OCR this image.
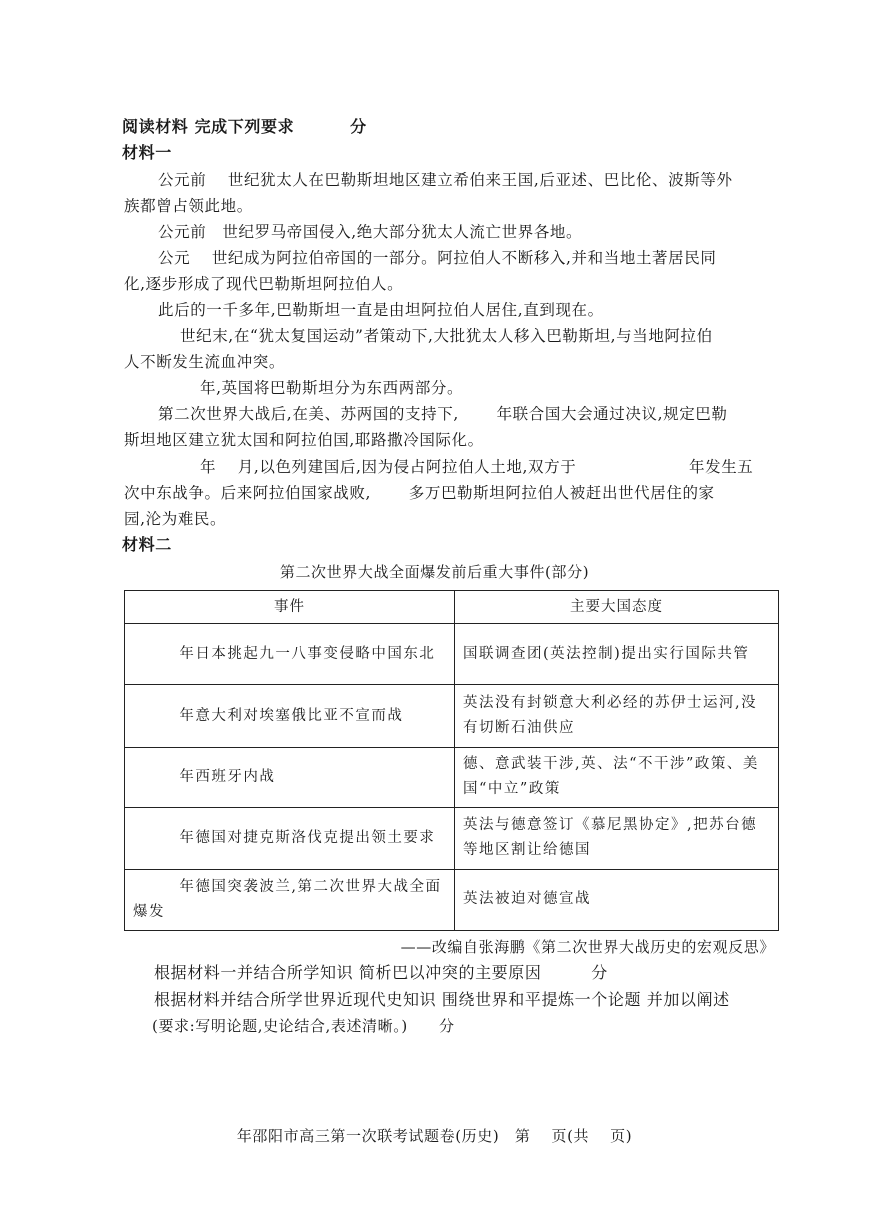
阅读材料 完成下列要求	分
材料一
公元前　 世纪犹太人在巴勒斯坦地区建立希伯来王国,后亚述、巴比伦、波斯等外
族都曾占领此地。
公元前　世纪罗马帝国侵入,绝大部分犹太人流亡世界各地。
公元　 世纪成为阿拉伯帝国的一部分。阿拉伯人不断移入,并和当地土著居民同
化,逐步形成了现代巴勒斯坦阿拉伯人。
此后的一千多年,巴勒斯坦一直是由坦阿拉伯人居住,直到现在。
世纪末,在“犹太复国运动”者策动下,大批犹太人移入巴勒斯坦,与当地阿拉伯
人不断发生流血冲突。
年,英国将巴勒斯坦分为东西两部分。
第二次世界大战后,在美、苏两国的支持下,　　 年联合国大会通过决议,规定巴勒
斯坦地区建立犹太国和阿拉伯国,耶路撒冷国际化。
年　 月,以色列建国后,因为侵占阿拉伯人土地,双方于　　　　　　　年发生五
次中东战争。后来阿拉伯国家战败,　　 多万巴勒斯坦阿拉伯人被赶出世代居住的家
园,沦为难民。
材料二
第二次世界大战全面爆发前后重大事件(部分)
事件	主要大国态度
年日本挑起九一八事变侵略中国东北	国联调查团(英法控制)提出实行国际共管
年意大利对埃塞俄比亚不宣而战	英法没有封锁意大利必经的苏伊士运河,没有切断石油供应
年西班牙内战	德、意武装干涉,英、法“不干涉”政策、美国“中立”政策
年德国对捷克斯洛伐克提出领土要求	英法与德意签订《慕尼黑协定》,把苏台德等地区割让给德国
年德国突袭波兰,第二次世界大战全面爆发	英法被迫对德宣战
——改编自张海鹏《第二次世界大战历史的宏观反思》
根据材料一并结合所学知识 简析巴以冲突的主要原因　　　分
根据材料并结合所学世界近现代史知识 围绕世界和平提炼一个论题 并加以阐述
(要求:写明论题,史论结合,表述清晰。)　　分
年邵阳市高三第一次联考试题卷(历史)　第　 页(共　 页)
